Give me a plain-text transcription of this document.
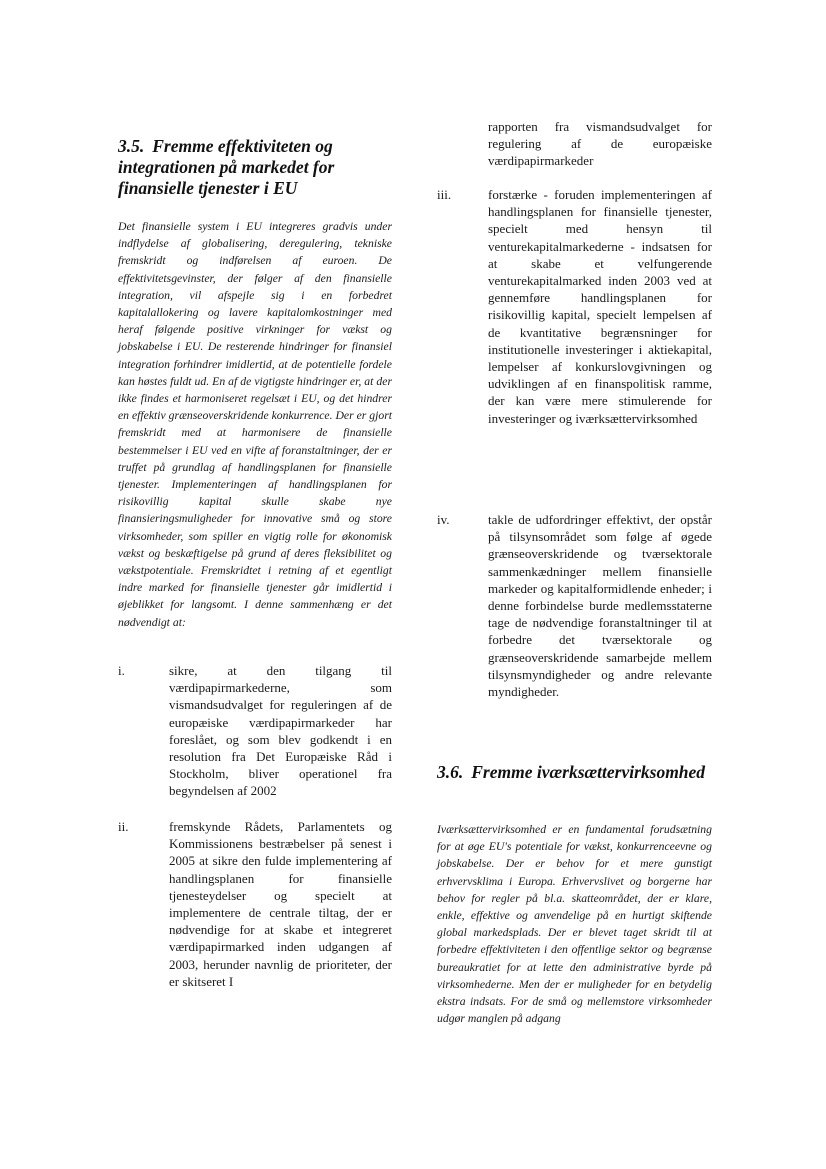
3.5. Fremme effektiviteten og integrationen på markedet for finansielle tjenester i EU

Det finansielle system i EU integreres gradvis under indflydelse af globalisering, deregulering, tekniske fremskridt og indførelsen af euroen. De effektivitetsgevinster, der følger af den finansielle integration, vil afspejle sig i en forbedret kapitalallokering og lavere kapitalomkostninger med heraf følgende positive virkninger for vækst og jobskabelse i EU. De resterende hindringer for finansiel integration forhindrer imidlertid, at de potentielle fordele kan høstes fuldt ud. En af de vigtigste hindringer er, at der ikke findes et harmoniseret regelsæt i EU, og det hindrer en effektiv grænseoverskridende konkurrence. Der er gjort fremskridt med at harmonisere de finansielle bestemmelser i EU ved en vifte af foranstaltninger, der er truffet på grundlag af handlingsplanen for finansielle tjenester. Implementeringen af handlingsplanen for risikovillig kapital skulle skabe nye finansieringsmuligheder for innovative små og store virksomheder, som spiller en vigtig rolle for økonomisk vækst og beskæftigelse på grund af deres fleksibilitet og vækstpotentiale. Fremskridtet i retning af et egentligt indre marked for finansielle tjenester går imidlertid i øjeblikket for langsomt. I denne sammenhæng er det nødvendigt at:

i.	sikre, at den tilgang til værdipapirmarkederne, som vismandsudvalget for reguleringen af de europæiske værdipapirmarkeder har foreslået, og som blev godkendt i en resolution fra Det Europæiske Råd i Stockholm, bliver operationel fra begyndelsen af 2002
ii.	fremskynde Rådets, Parlamentets og Kommissionens bestræbelser på senest i 2005 at sikre den fulde implementering af handlingsplanen for finansielle tjenesteydelser og specielt at implementere de centrale tiltag, der er nødvendige for at skabe et integreret værdipapirmarked inden udgangen af 2003, herunder navnlig de prioriteter, der er skitseret I

rapporten fra vismandsudvalget for regulering af de europæiske værdipapirmarkeder

iii.	forstærke - foruden implementeringen af handlingsplanen for finansielle tjenester, specielt med hensyn til venturekapitalmarkederne - indsatsen for at skabe et velfungerende venturekapitalmarked inden 2003 ved at gennemføre handlingsplanen for risikovillig kapital, specielt lempelsen af de kvantitative begrænsninger for institutionelle investeringer i aktiekapital, lempelser af konkurslovgivningen og udviklingen af en finanspolitisk ramme, der kan være mere stimulerende for investeringer og iværksættervirksomhed
iv.	takle de udfordringer effektivt, der opstår på tilsynsområdet som følge af øgede grænseoverskridende og tværsektorale sammenkædninger mellem finansielle markeder og kapitalformidlende enheder; i denne forbindelse burde medlemsstaterne tage de nødvendige foranstaltninger til at forbedre det tværsektorale og grænseoverskridende samarbejde mellem tilsynsmyndigheder og andre relevante myndigheder.
3.6. Fremme iværksættervirksomhed

Iværksættervirksomhed er en fundamental forudsætning for at øge EU's potentiale for vækst, konkurrenceevne og jobskabelse. Der er behov for et mere gunstigt erhvervsklima i Europa. Erhvervslivet og borgerne har behov for regler på bl.a. skatteområdet, der er klare, enkle, effektive og anvendelige på en hurtigt skiftende global markedsplads. Der er blevet taget skridt til at forbedre effektiviteten i den offentlige sektor og begrænse bureaukratiet for at lette den administrative byrde på virksomhederne. Men der er muligheder for en betydelig ekstra indsats. For de små og mellemstore virksomheder udgør manglen på adgang
